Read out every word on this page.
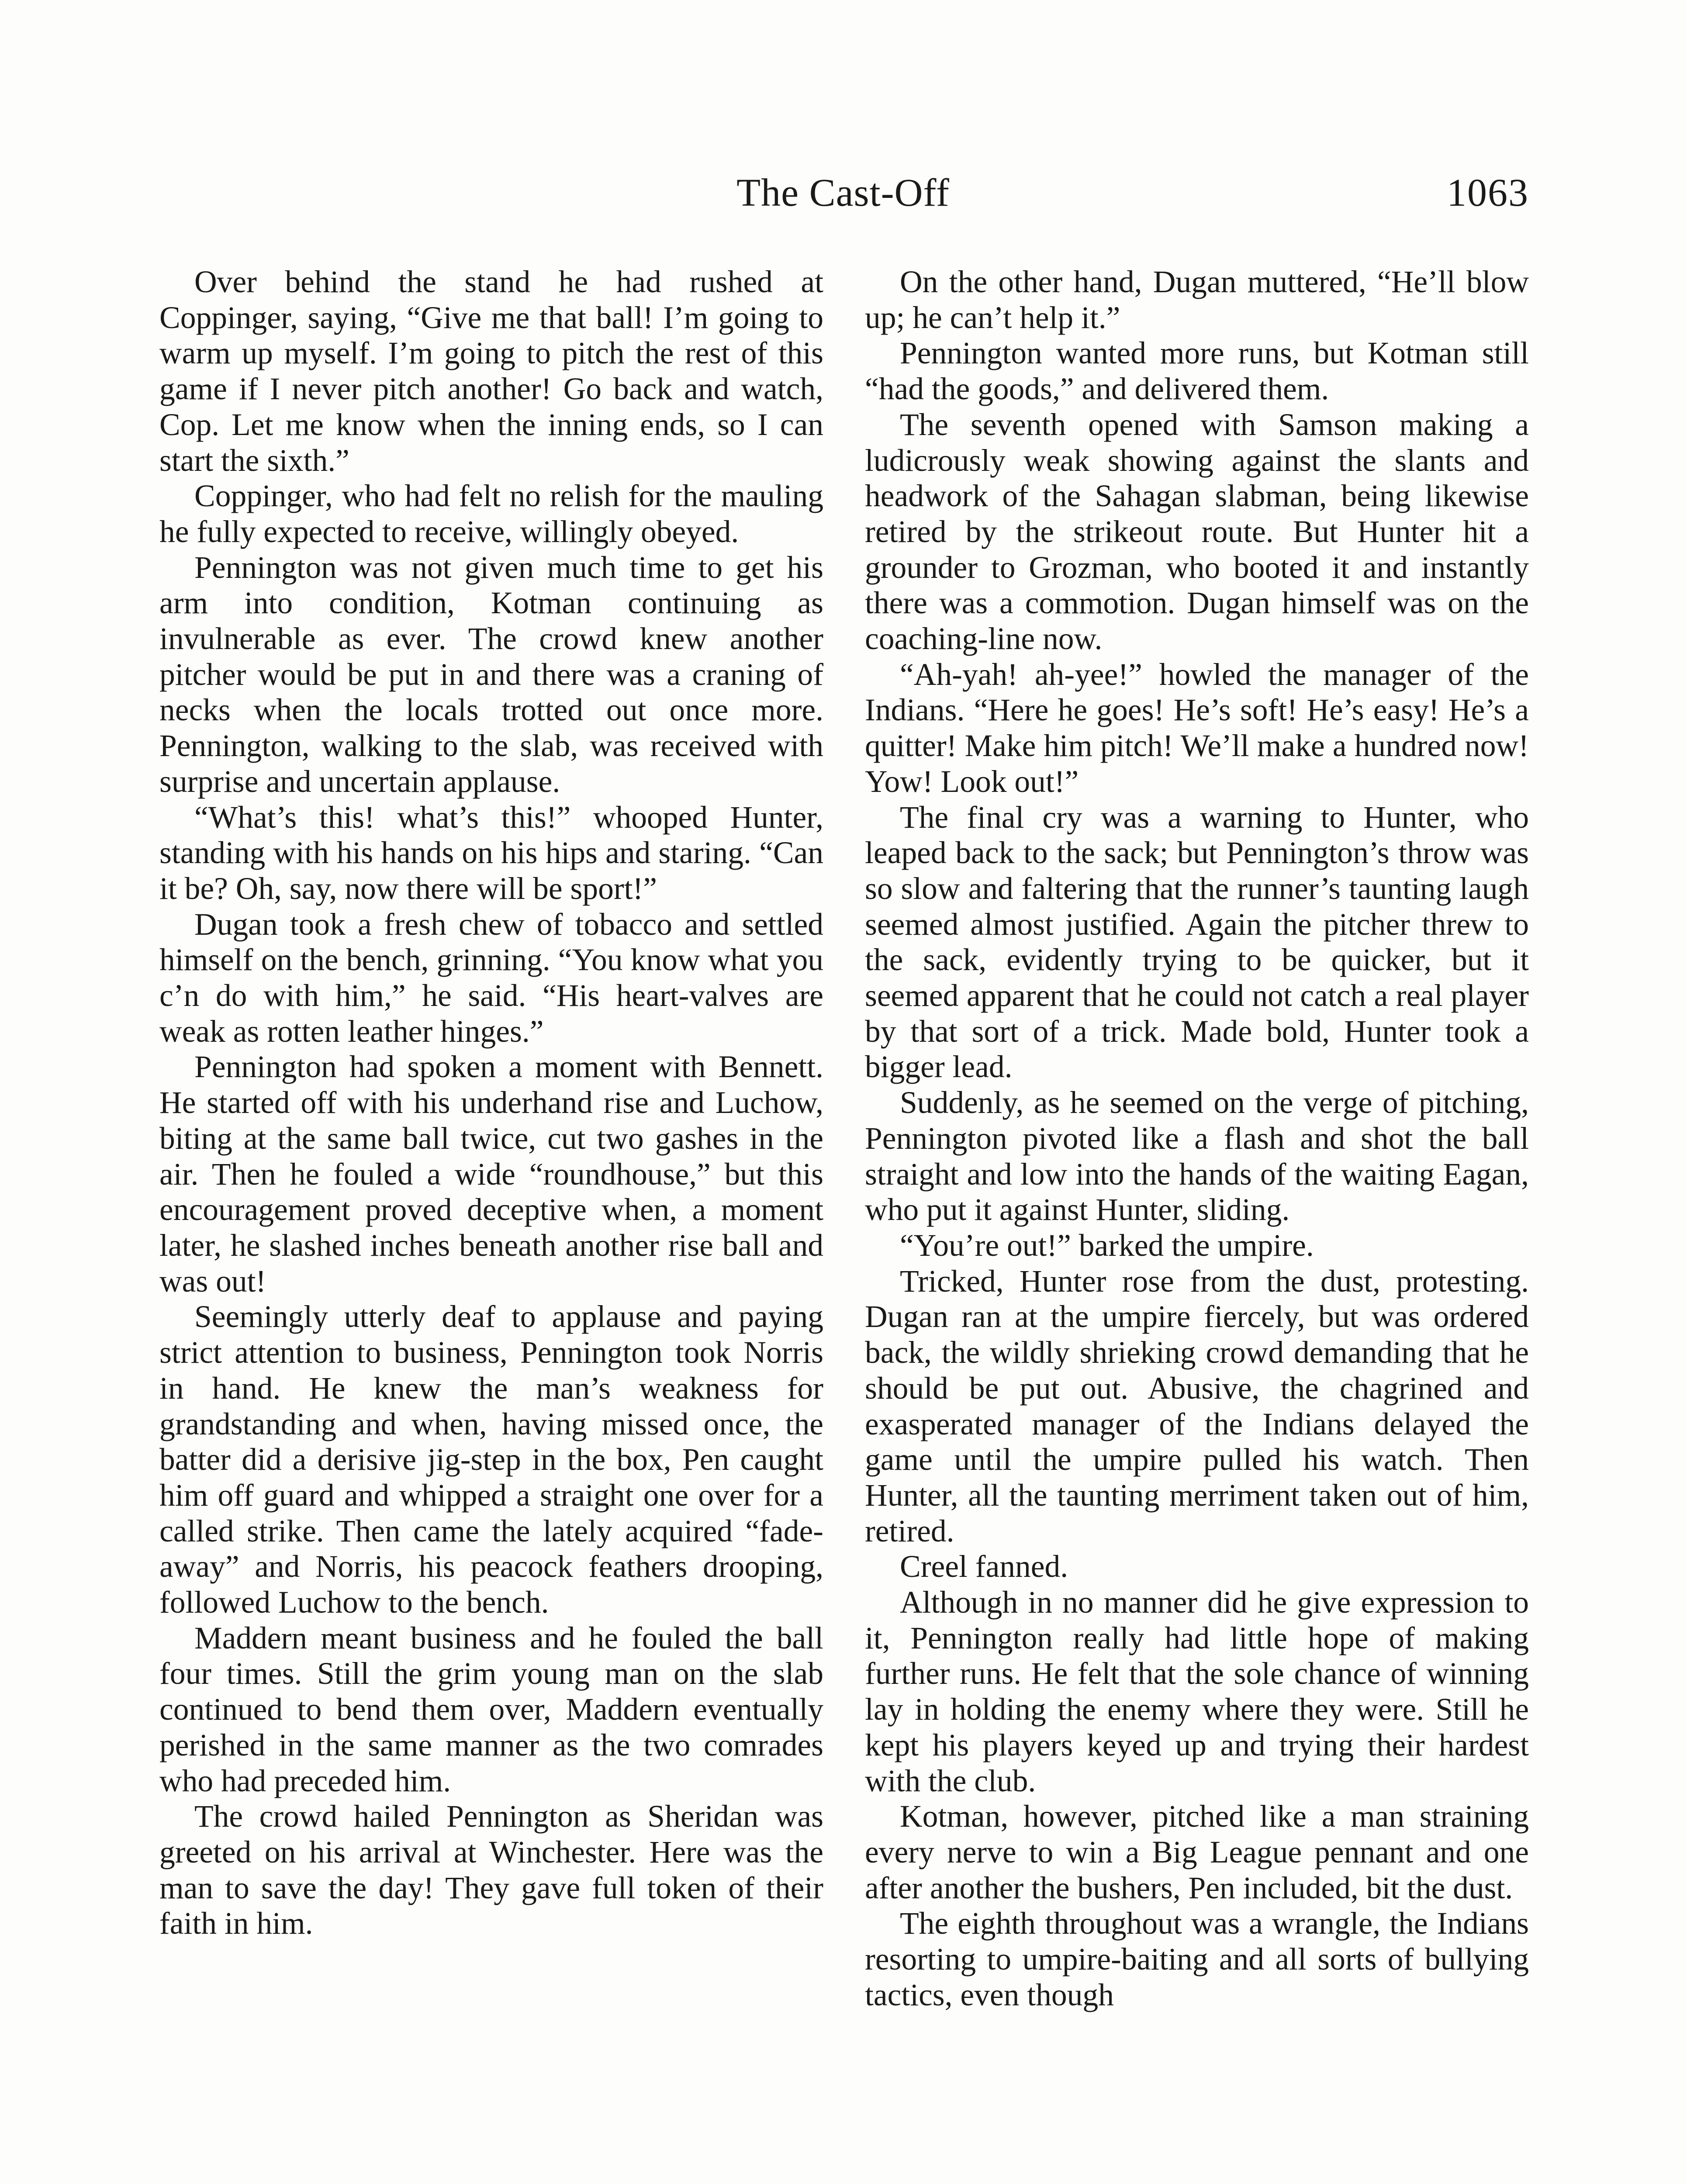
The Cast-Off	1063

Over behind the stand he had rushed at Coppinger, saying, “Give me that ball! I’m going to warm up myself. I’m going to pitch the rest of this game if I never pitch another! Go back and watch, Cop. Let me know when the inning ends, so I can start the sixth.”

Coppinger, who had felt no relish for the mauling he fully expected to receive, willingly obeyed.

Pennington was not given much time to get his arm into condition, Kotman continuing as invulnerable as ever. The crowd knew another pitcher would be put in and there was a craning of necks when the locals trotted out once more. Pennington, walking to the slab, was received with surprise and uncertain applause.

“What’s this! what’s this!” whooped Hunter, standing with his hands on his hips and staring. “Can it be? Oh, say, now there will be sport!”

Dugan took a fresh chew of tobacco and settled himself on the bench, grinning. “You know what you c’n do with him,” he said. “His heart-valves are weak as rotten leather hinges.”

Pennington had spoken a moment with Bennett. He started off with his underhand rise and Luchow, biting at the same ball twice, cut two gashes in the air. Then he fouled a wide “roundhouse,” but this encouragement proved deceptive when, a moment later, he slashed inches beneath another rise ball and was out!

Seemingly utterly deaf to applause and paying strict attention to business, Pennington took Norris in hand. He knew the man’s weakness for grandstanding and when, having missed once, the batter did a derisive jig-step in the box, Pen caught him off guard and whipped a straight one over for a called strike. Then came the lately acquired “fade-away” and Norris, his peacock feathers drooping, followed Luchow to the bench.

Maddern meant business and he fouled the ball four times. Still the grim young man on the slab continued to bend them over, Maddern eventually perished in the same manner as the two comrades who had preceded him.

The crowd hailed Pennington as Sheridan was greeted on his arrival at Winchester. Here was the man to save the day! They gave full token of their faith in him.

On the other hand, Dugan muttered, “He’ll blow up; he can’t help it.”

Pennington wanted more runs, but Kotman still “had the goods,” and delivered them.

The seventh opened with Samson making a ludicrously weak showing against the slants and headwork of the Sahagan slabman, being likewise retired by the strikeout route. But Hunter hit a grounder to Grozman, who booted it and instantly there was a commotion. Dugan himself was on the coaching-line now.

“Ah-yah! ah-yee!” howled the manager of the Indians. “Here he goes! He’s soft! He’s easy! He’s a quitter! Make him pitch! We’ll make a hundred now! Yow! Look out!”

The final cry was a warning to Hunter, who leaped back to the sack; but Pennington’s throw was so slow and faltering that the runner’s taunting laugh seemed almost justified. Again the pitcher threw to the sack, evidently trying to be quicker, but it seemed apparent that he could not catch a real player by that sort of a trick. Made bold, Hunter took a bigger lead.

Suddenly, as he seemed on the verge of pitching, Pennington pivoted like a flash and shot the ball straight and low into the hands of the waiting Eagan, who put it against Hunter, sliding.

“You’re out!” barked the umpire.

Tricked, Hunter rose from the dust, protesting. Dugan ran at the umpire fiercely, but was ordered back, the wildly shrieking crowd demanding that he should be put out. Abusive, the chagrined and exasperated manager of the Indians delayed the game until the umpire pulled his watch. Then Hunter, all the taunting merriment taken out of him, retired.

Creel fanned.

Although in no manner did he give expression to it, Pennington really had little hope of making further runs. He felt that the sole chance of winning lay in holding the enemy where they were. Still he kept his players keyed up and trying their hardest with the club.

Kotman, however, pitched like a man straining every nerve to win a Big League pennant and one after another the bushers, Pen included, bit the dust.

The eighth throughout was a wrangle, the Indians resorting to umpire-baiting and all sorts of bullying tactics, even though
